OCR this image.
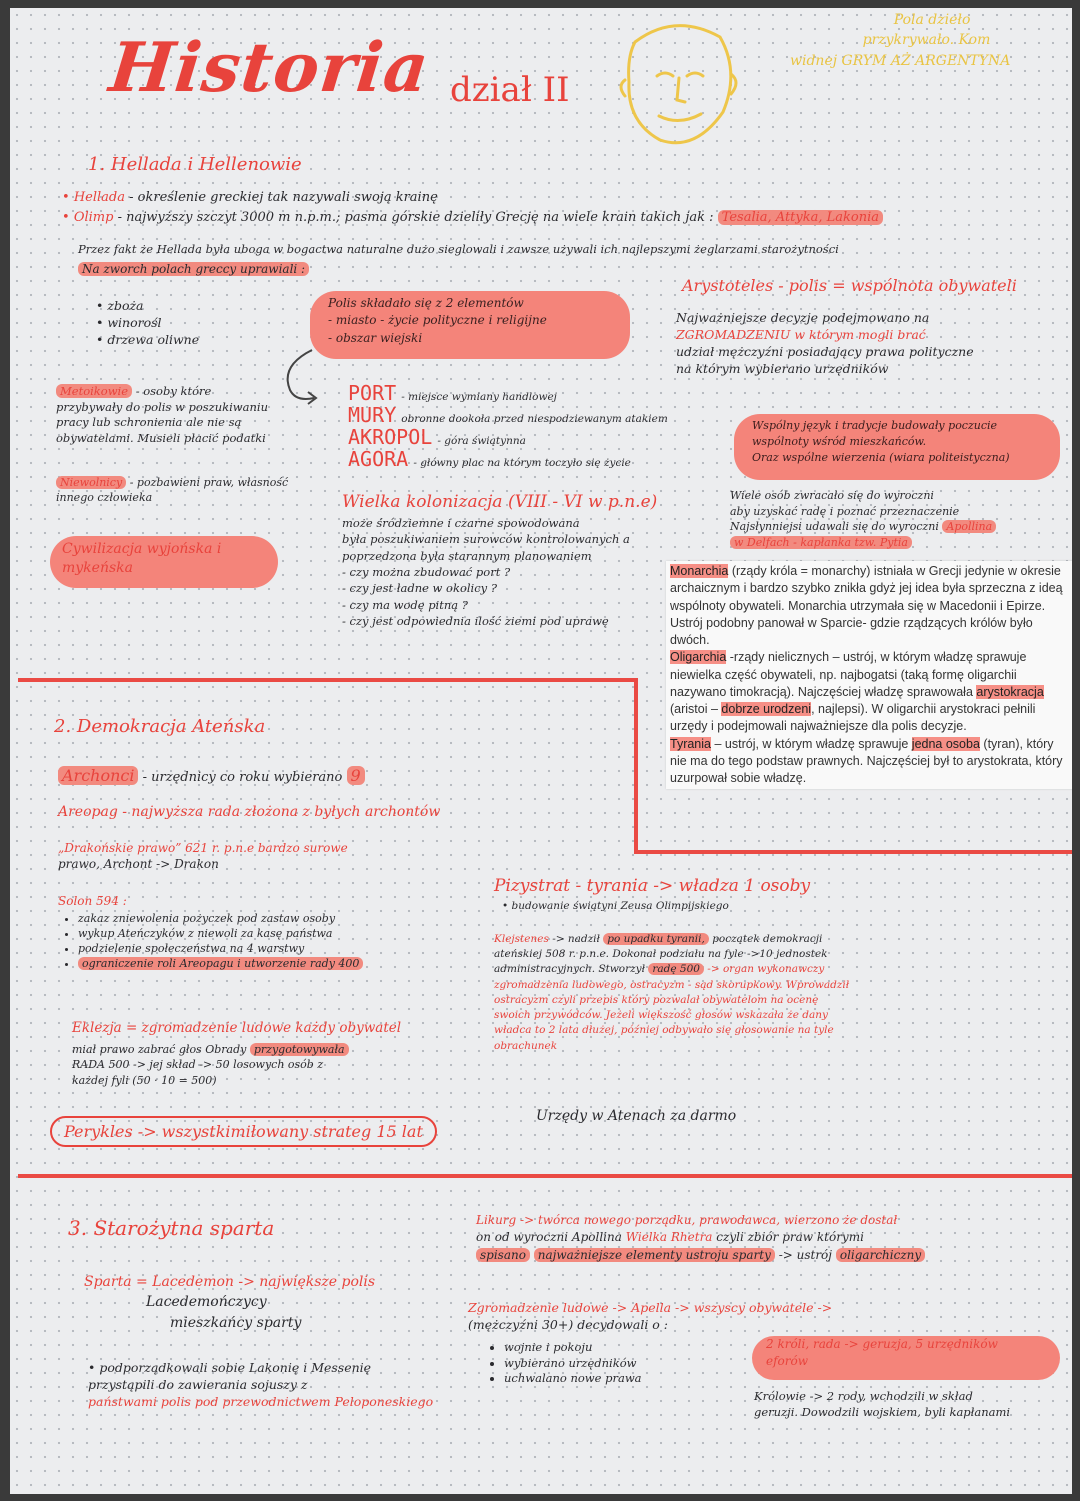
Historia dział II
Pola dzieło
przykrywało. Kom
widnej GRYM AŻ ARGENTYNA
1. Hellada i Hellenowie
• Hellada - określenie greckiej tak nazywali swoją krainę
• Olimp - najwyższy szczyt 3000 m n.p.m.; pasma górskie dzieliły Grecję na wiele krain takich jak : Tesalia, Attyka, Lakonia
Przez fakt że Hellada była uboga w bogactwa naturalne dużo sieglowali i zawsze używali ich najlepszymi żeglarzami starożytności
Na zworch polach greccy uprawiali :
• zboża
• winorośl
• drzewa oliwne
Polis składało się z 2 elementów
- miasto - życie polityczne i religijne
- obszar wiejski
Arystoteles - polis = wspólnota obywateli
Najważniejsze decyzje podejmowano na
ZGROMADZENIU w którym mogli brać
udział mężczyźni posiadający prawa polityczne
na którym wybierano urzędników
Metoikowie - osoby które
przybywały do polis w poszukiwaniu
pracy lub schronienia ale nie są
obywatelami. Musieli płacić podatki
Niewolnicy - pozbawieni praw, własność
innego człowieka
Cywilizacja wyjońska i
mykeńska
PORT - miejsce wymiany handlowej
MURY obronne dookoła przed niespodziewanym atakiem
AKROPOL - góra świątynna
AGORA - główny plac na którym toczyło się życie
Wspólny język i tradycje budowały poczucie
wspólnoty wśród mieszkańców.
Oraz wspólne wierzenia (wiara politeistyczna)
Wielka kolonizacja (VIII - VI w p.n.e)
może śródziemne i czarne spowodowana
była poszukiwaniem surowców kontrolowanych a
poprzedzona była starannym planowaniem
- czy można zbudować port ?
- czy jest ładne w okolicy ?
- czy ma wodę pitną ?
- czy jest odpowiednia ilość ziemi pod uprawę
Wiele osób zwracało się do wyroczni
aby uzyskać radę i poznać przeznaczenie
Najsłynniejsi udawali się do wyroczni Apollina
w Delfach - kapłanka tzw. Pytia
Monarchia (rządy króla = monarchy) istniała w Grecji jedynie w okresie archaicznym i bardzo szybko znikła gdyż jej idea była sprzeczna z ideą wspólnoty obywateli. Monarchia utrzymała się w Macedonii i Epirze. Ustrój podobny panował w Sparcie- gdzie rządzących królów było dwóch.
Oligarchia -rządy nielicznych – ustrój, w którym władzę sprawuje niewielka część obywateli, np. najbogatsi (taką formę oligarchii nazywano timokracją). Najczęściej władzę sprawowała arystokracja (aristoi – dobrze urodzeni, najlepsi). W oligarchii arystokraci pełnili urzędy i podejmowali najważniejsze dla polis decyzje.
Tyrania – ustrój, w którym władzę sprawuje jedna osoba (tyran), który nie ma do tego podstaw prawnych. Najczęściej był to arystokrata, który uzurpował sobie władzę.
2. Demokracja Ateńska
Archonci - urzędnicy co roku wybierano 9
Areopag - najwyższa rada złożona z byłych archontów
„Drakońskie prawo” 621 r. p.n.e bardzo surowe
prawo, Archont -> Drakon
Solon 594 :
• zakaz zniewolenia pożyczek pod zastaw osoby
• wykup Ateńczyków z niewoli za kasę państwa
• podzielenie społeczeństwa na 4 warstwy
• ograniczenie roli Areopagu i utworzenie rady 400
Pizystrat - tyrania -> władza 1 osoby
• budowanie świątyni Zeusa Olimpijskiego
Klejstenes -> nadził po upadku tyranii, początek demokracji
ateńskiej 508 r. p.n.e. Dokonał podziału na fyle ->10 jednostek
administracyjnych. Stworzył radę 500 -> organ wykonawczy
zgromadzenia ludowego, ostracyzm - sąd skorupkowy. Wprowadził
ostracyzm czyli przepis który pozwalał obywatelom na ocenę
swoich przywódców. Jeżeli większość głosów wskazała że dany
władca to 2 lata dłużej, później odbywało się głosowanie na tyle
obrachunek
Eklezja = zgromadzenie ludowe każdy obywatel
miał prawo zabrać głos Obrady przygotowywała
RADA 500 -> jej skład -> 50 losowych osób z
każdej fyli (50 · 10 = 500)
Perykles -> wszystkimiłowany strateg 15 lat
Urzędy w Atenach za darmo
3. Starożytna sparta
Sparta = Lacedemon -> największe polis
Lacedemończycy
mieszkańcy sparty
• podporządkowali sobie Lakonię i Messenię
przystąpili do zawierania sojuszy z
państwami polis pod przewodnictwem Peloponeskiego
Likurg -> twórca nowego porządku, prawodawca, wierzono że dostał
on od wyroczni Apollina Wielka Rhetra czyli zbiór praw którymi
spisano najważniejsze elementy ustroju sparty -> ustrój oligarchiczny
Zgromadzenie ludowe -> Apella -> wszyscy obywatele ->
(mężczyźni 30+) decydowali o :
• wojnie i pokoju
• wybierano urzędników
• uchwalano nowe prawa
2 króli, rada -> geruzja, 5 urzędników
eforów
Królowie -> 2 rody, wchodzili w skład
geruzji. Dowodzili wojskiem, byli kapłanami
